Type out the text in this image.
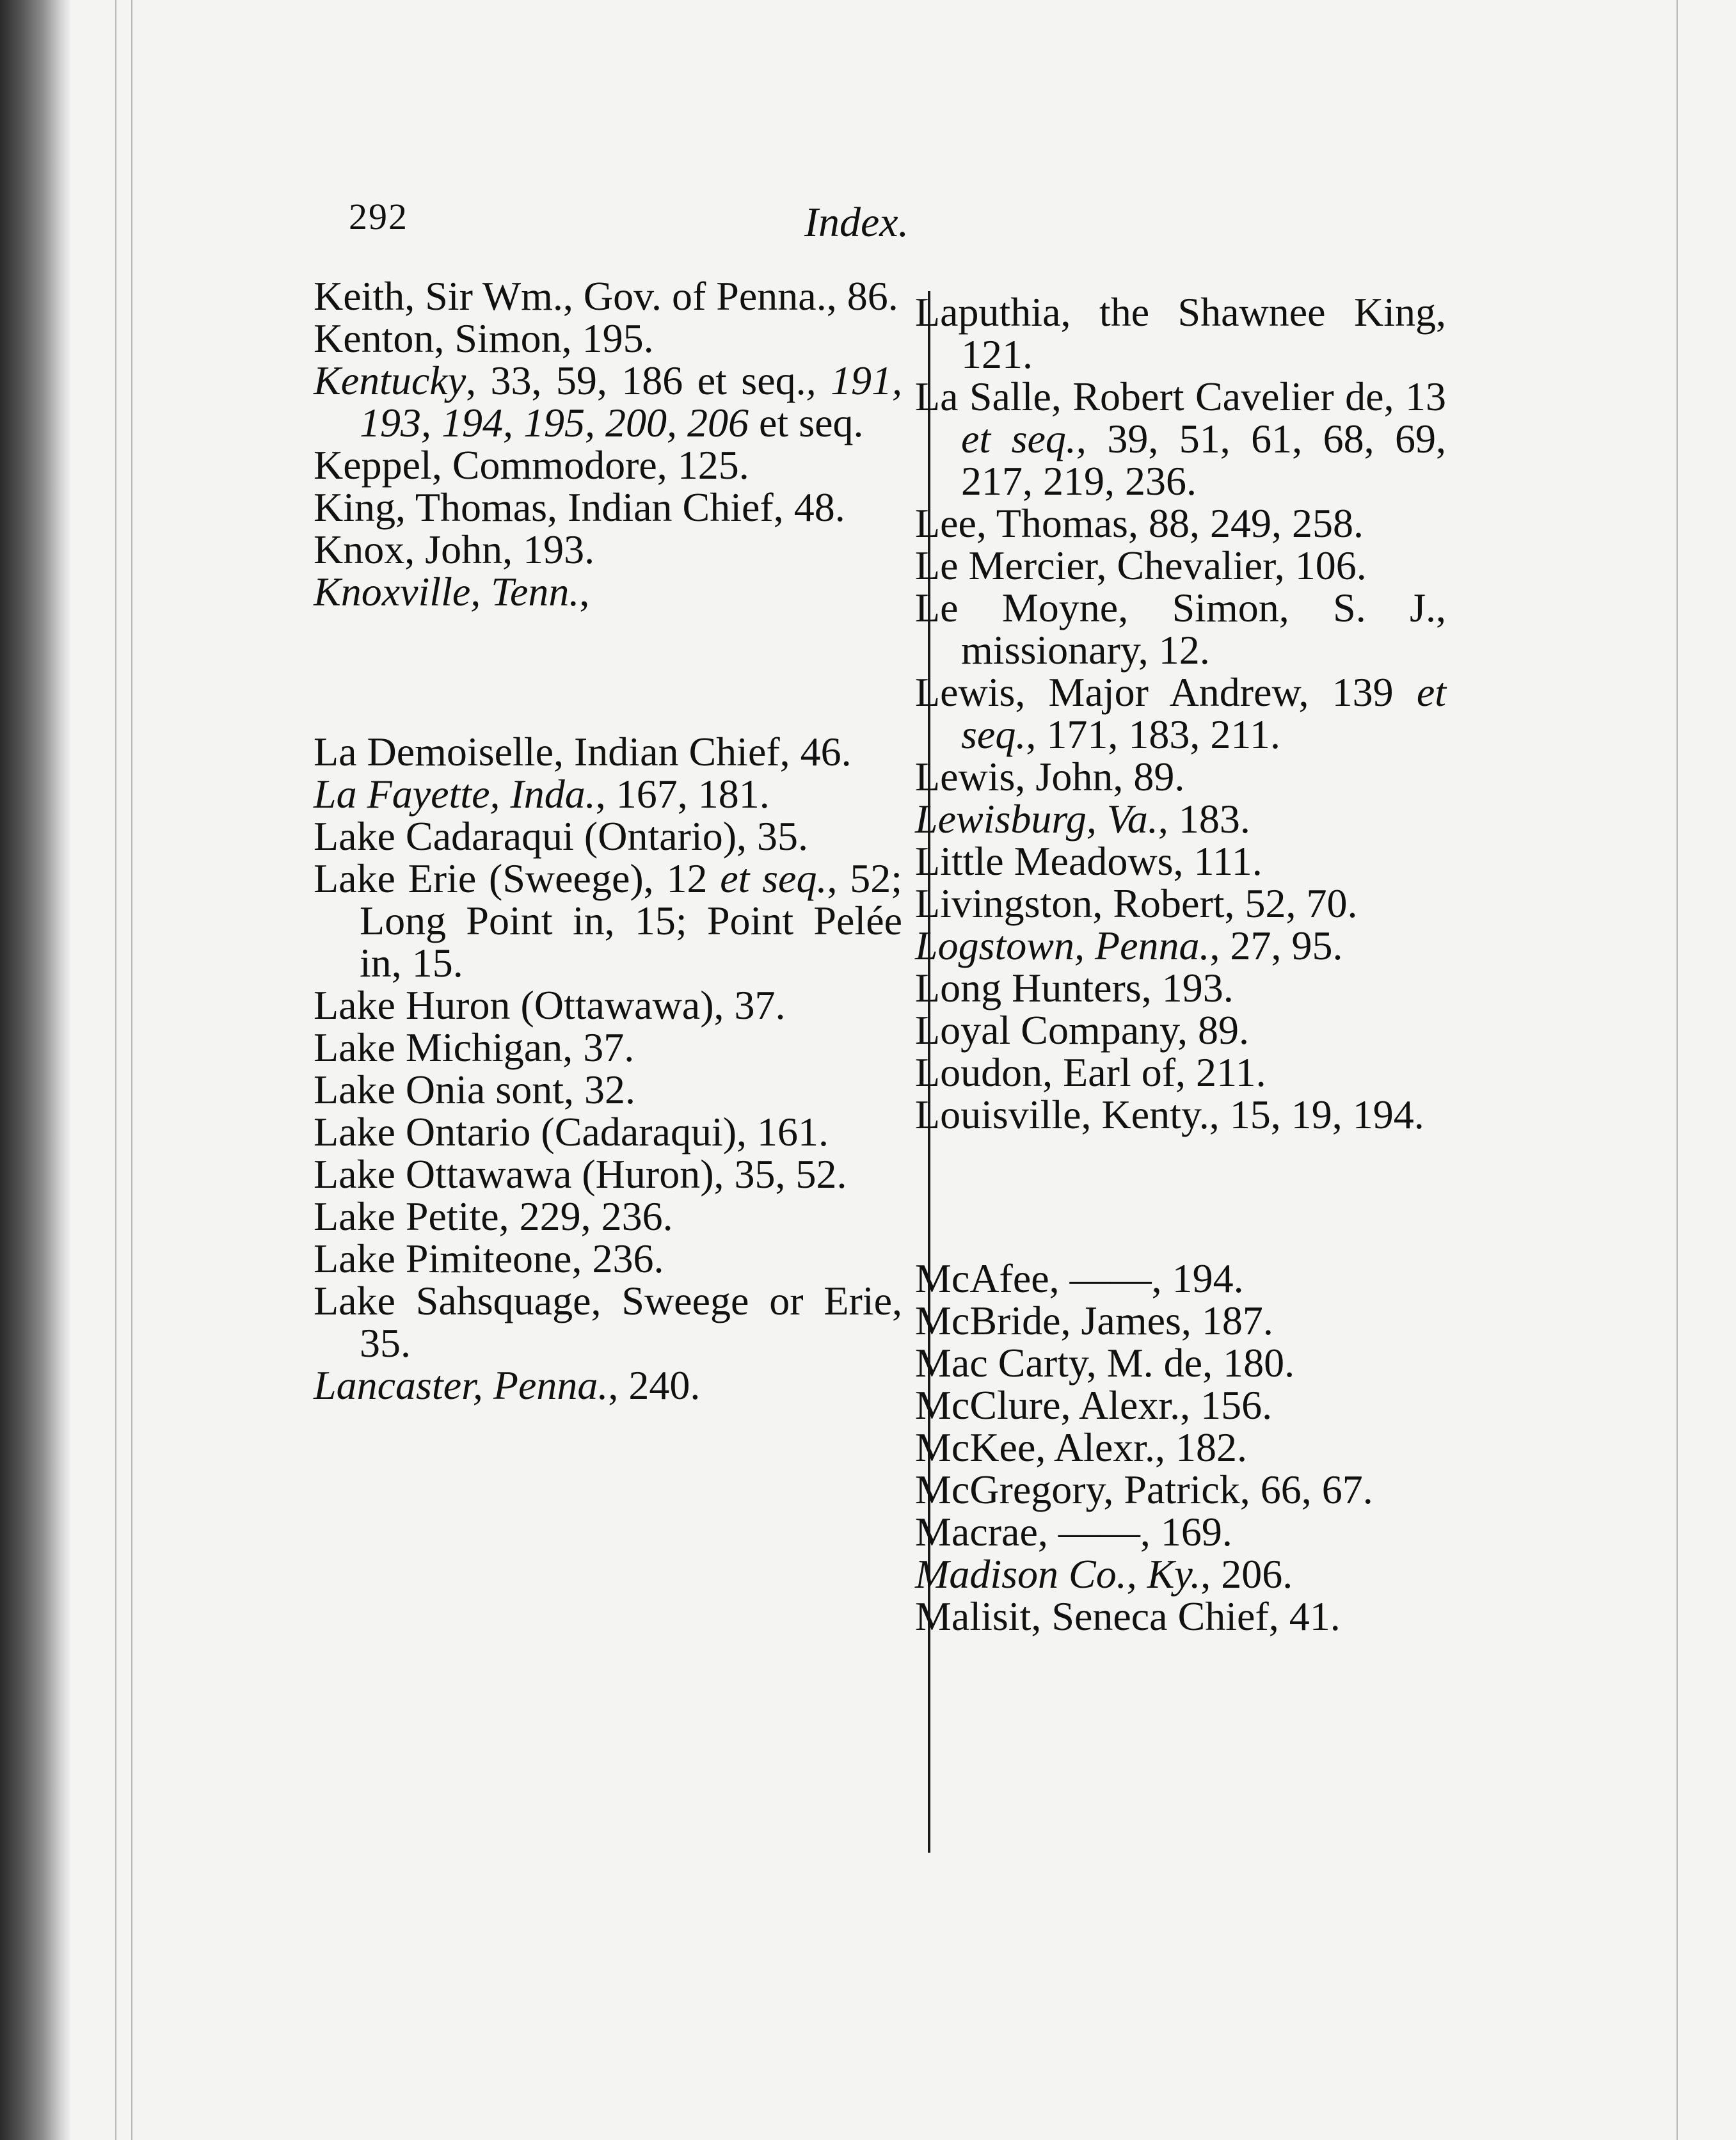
292	Index.

Keith, Sir Wm., Gov. of Penna., 86.

Kenton, Simon, 195.

Kentucky, 33, 59, 186 et seq., 191, 193, 194, 195, 200, 206 et seq.

Keppel, Commodore, 125.

King, Thomas, Indian Chief, 48.

Knox, John, 193.

Knoxville, Tenn.,

La Demoiselle, Indian Chief, 46.

La Fayette, Inda., 167, 181.

Lake Cadaraqui (Ontario), 35.

Lake Erie (Sweege), 12 et seq., 52; Long Point in, 15; Point Pelée in, 15.

Lake Huron (Ottawawa), 37.

Lake Michigan, 37.

Lake Onia sont, 32.

Lake Ontario (Cadaraqui), 161.

Lake Ottawawa (Huron), 35, 52.

Lake Petite, 229, 236.

Lake Pimiteone, 236.

Lake Sahsquage, Sweege or Erie, 35.

Lancaster, Penna., 240.

Laputhia, the Shawnee King, 121.

La Salle, Robert Cavelier de, 13 et seq., 39, 51, 61, 68, 69, 217, 219, 236.

Lee, Thomas, 88, 249, 258.

Le Mercier, Chevalier, 106.

Le Moyne, Simon, S. J., missionary, 12.

Lewis, Major Andrew, 139 et seq., 171, 183, 211.

Lewis, John, 89.

Lewisburg, Va., 183.

Little Meadows, 111.

Livingston, Robert, 52, 70.

Logstown, Penna., 27, 95.

Long Hunters, 193.

Loyal Company, 89.

Loudon, Earl of, 211.

Louisville, Kenty., 15, 19, 194.

McAfee, ——, 194.

McBride, James, 187.

Mac Carty, M. de, 180.

McClure, Alexr., 156.

McKee, Alexr., 182.

McGregory, Patrick, 66, 67.

Macrae, ——, 169.

Madison Co., Ky., 206.

Malisit, Seneca Chief, 41.
